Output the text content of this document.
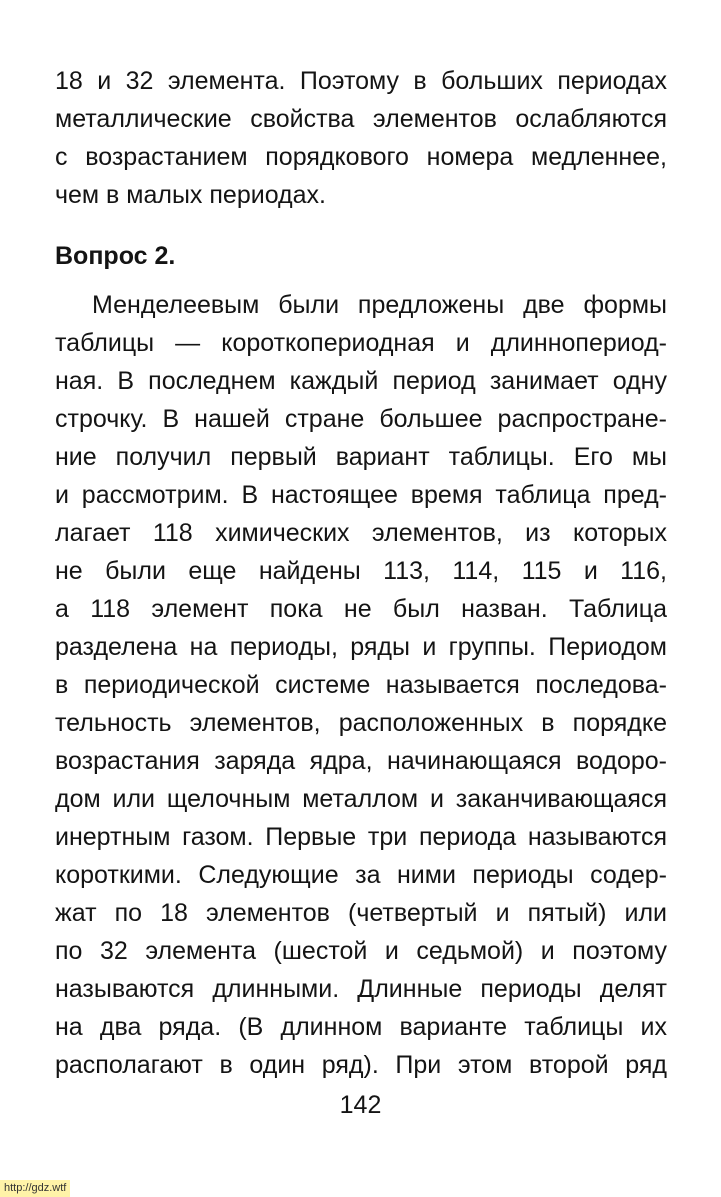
18 и 32 элемента. Поэтому в больших периодах
металлические свойства элементов ослабляются
с возрастанием порядкового номера медленнее,
чем в малых периодах.
Вопрос 2.
Менделеевым были предложены две формы
таблицы — короткопериодная и длиннопериод-
ная. В последнем каждый период занимает одну
строчку. В нашей стране большее распростране-
ние получил первый вариант таблицы. Его мы
и рассмотрим. В настоящее время таблица пред-
лагает 118 химических элементов, из которых
не были еще найдены 113, 114, 115 и 116,
а 118 элемент пока не был назван. Таблица
разделена на периоды, ряды и группы. Периодом
в периодической системе называется последова-
тельность элементов, расположенных в порядке
возрастания заряда ядра, начинающаяся водоро-
дом или щелочным металлом и заканчивающаяся
инертным газом. Первые три периода называются
короткими. Следующие за ними периоды содер-
жат по 18 элементов (четвертый и пятый) или
по 32 элемента (шестой и седьмой) и поэтому
называются длинными. Длинные периоды делят
на два ряда. (В длинном варианте таблицы их
располагают в один ряд). При этом второй ряд
142
http://gdz.wtf
